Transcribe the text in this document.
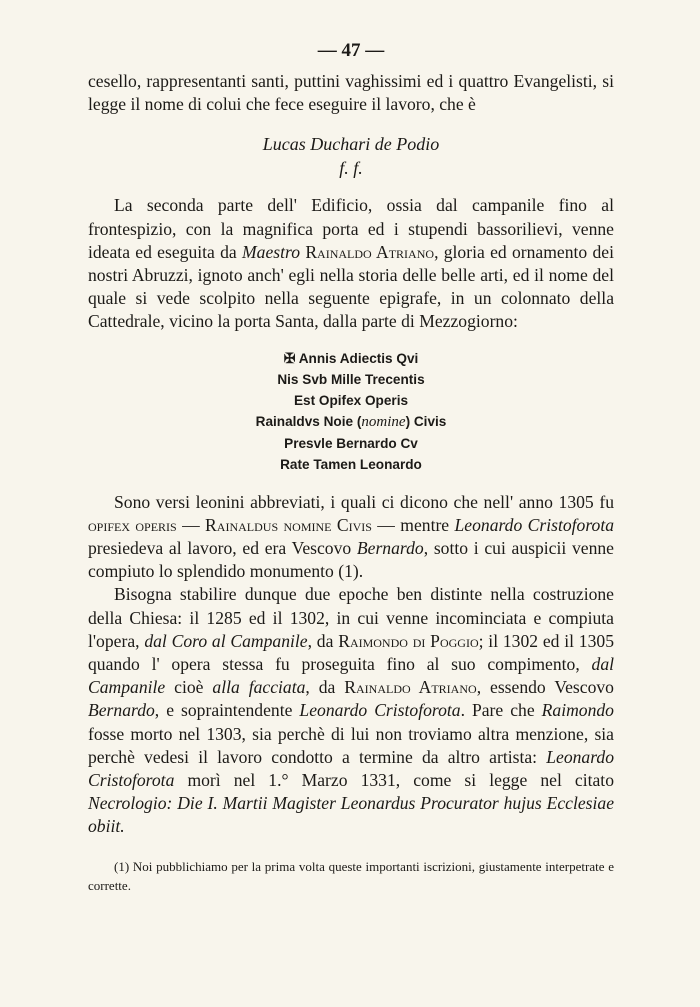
— 47 —

cesello, rappresentanti santi, puttini vaghissimi ed i quattro Evangelisti, si legge il nome di colui che fece eseguire il lavoro, che è

Lucas Duchari de Podio
f. f.

La seconda parte dell' Edificio, ossia dal campanile fino al frontespizio, con la magnifica porta ed i stupendi bassorilievi, venne ideata ed eseguita da Maestro Rainaldo Atriano, gloria ed ornamento dei nostri Abruzzi, ignoto anch' egli nella storia delle belle arti, ed il nome del quale si vede scolpito nella seguente epigrafe, in un colonnato della Cattedrale, vicino la porta Santa, dalla parte di Mezzogiorno:

✠ Annis Adiectis Qvi
Nis Svb Mille Trecentis
Est Opifex Operis
Rainaldvs Noie (nomine) Civis
Presvle Bernardo Cv
Rate Tamen Leonardo

Sono versi leonini abbreviati, i quali ci dicono che nell' anno 1305 fu opifex operis — Rainaldus nomine Civis — mentre Leonardo Cristoforota presiedeva al lavoro, ed era Vescovo Bernardo, sotto i cui auspicii venne compiuto lo splendido monumento (1).

Bisogna stabilire dunque due epoche ben distinte nella costruzione della Chiesa: il 1285 ed il 1302, in cui venne incominciata e compiuta l'opera, dal Coro al Campanile, da Raimondo di Poggio; il 1302 ed il 1305 quando l' opera stessa fu proseguita fino al suo compimento, dal Campanile cioè alla facciata, da Rainaldo Atriano, essendo Vescovo Bernardo, e sopraintendente Leonardo Cristoforota. Pare che Raimondo fosse morto nel 1303, sia perchè di lui non troviamo altra menzione, sia perchè vedesi il lavoro condotto a termine da altro artista: Leonardo Cristoforota morì nel 1.° Marzo 1331, come si legge nel citato Necrologio: Die I. Martii Magister Leonardus Procurator hujus Ecclesiae obiit.

(1) Noi pubblichiamo per la prima volta queste importanti iscrizioni, giustamente interpetrate e corrette.
